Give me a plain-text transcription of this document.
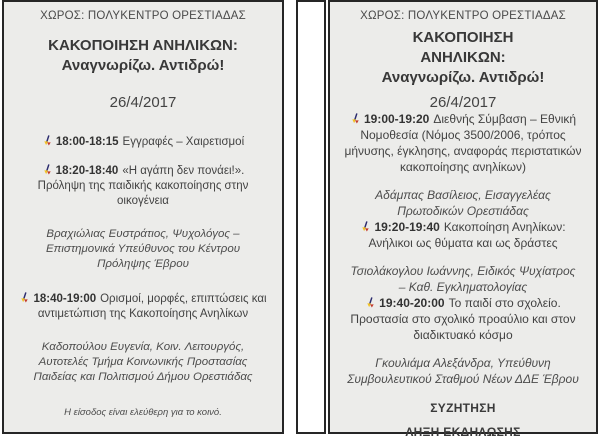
ΧΩΡΟΣ: ΠΟΛΥΚΕΝΤΡΟ ΟΡΕΣΤΙΑΔΑΣ
ΚΑΚΟΠΟΙΗΣΗ ΑΝΗΛΙΚΩΝ:
Αναγνωρίζω. Αντιδρώ!
26/4/2017

18:00-18:15 Εγγραφές – Χαιρετισμοί

18:20-18:40 «Η αγάπη δεν πονάει!». Πρόληψη της παιδικής κακοποίησης στην οικογένεια

Βραχιώλιας Ευστράτιος, Ψυχολόγος – Επιστημονικά Υπεύθυνος του Κέντρου Πρόληψης Έβρου

18:40-19:00 Ορισμοί, μορφές, επιπτώσεις και αντιμετώπιση της Κακοποίησης Ανηλίκων

Καδοπούλου Ευγενία, Κοιν. Λειτουργός, Αυτοτελές Τμήμα Κοινωνικής Προστασίας Παιδείας και Πολιτισμού Δήμου Ορεστιάδας

Η είσοδος είναι ελεύθερη για το κοινό.
ΧΩΡΟΣ: ΠΟΛΥΚΕΝΤΡΟ ΟΡΕΣΤΙΑΔΑΣ
ΚΑΚΟΠΟΙΗΣΗ
ΑΝΗΛΙΚΩΝ:
Αναγνωρίζω. Αντιδρώ!
26/4/2017

19:00-19:20 Διεθνής Σύμβαση – Εθνική Νομοθεσία (Νόμος 3500/2006, τρόπος μήνυσης, έγκλησης, αναφοράς περιστατικών κακοποίησης ανηλίκων)

Αδάμπας Βασίλειος, Εισαγγελέας Πρωτοδικών Ορεστιάδας

19:20-19:40 Κακοποίηση Ανηλίκων: Ανήλικοι ως θύματα και ως δράστες

Τσιολάκογλου Ιωάννης, Ειδικός Ψυχίατρος – Καθ. Εγκληματολογίας

19:40-20:00 Το παιδί στο σχολείο. Προστασία στο σχολικό προαύλιο και στον διαδικτυακό κόσμο

Γκουλιάμα Αλεξάνδρα, Υπεύθυνη Συμβουλευτικού Σταθμού Νέων ΔΔΕ Έβρου

ΣΥΖΗΤΗΣΗ
ΛΗΞΗ ΕΚΔΗΛΩΣΗΣ
